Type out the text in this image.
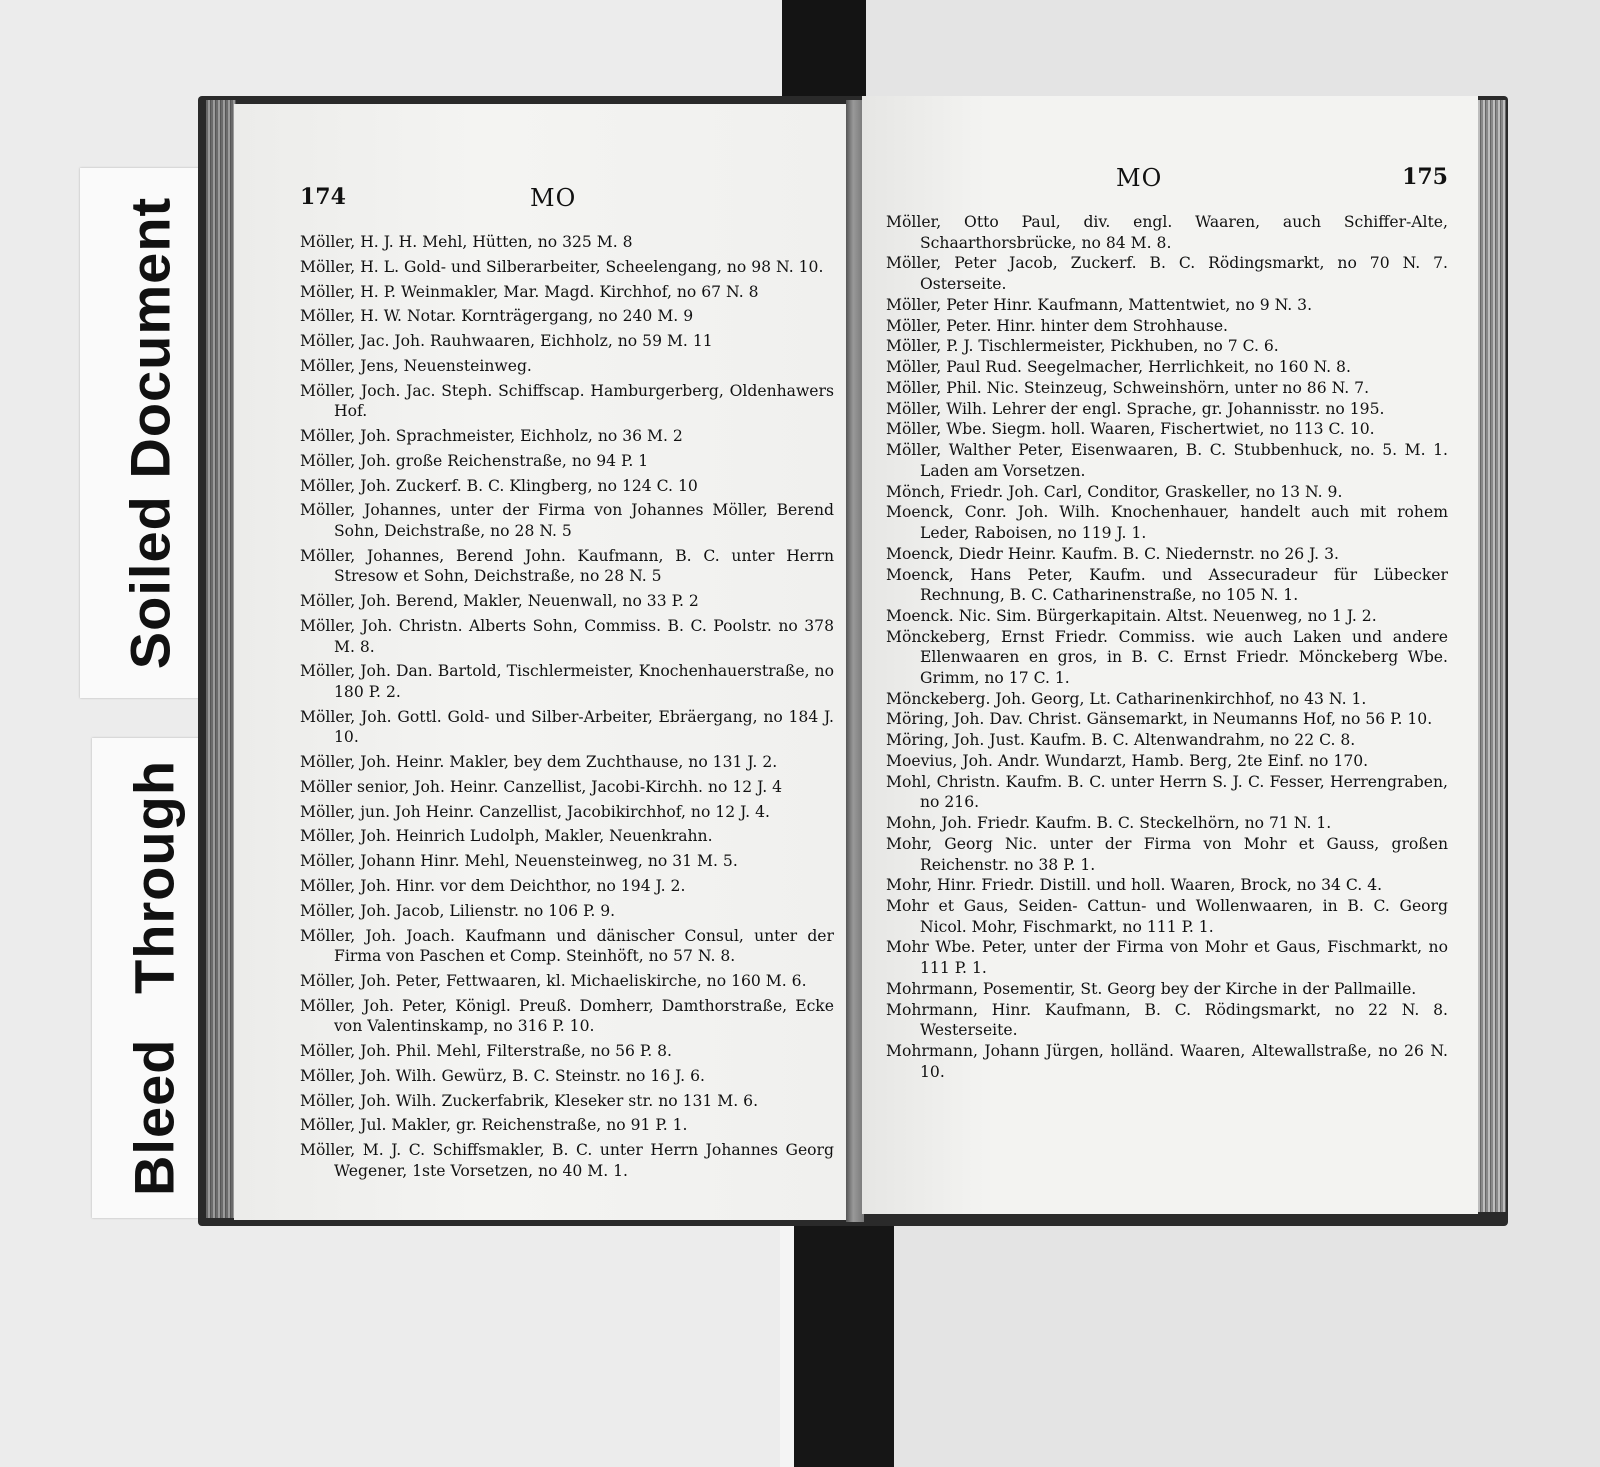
Soiled Document
Bleed Through
174	MO

Möller, H. J. H. Mehl, Hütten, no 325 M. 8

Möller, H. L. Gold- und Silberarbeiter, Scheelengang, no 98 N. 10.

Möller, H. P. Weinmakler, Mar. Magd. Kirchhof, no 67 N. 8

Möller, H. W. Notar. Kornträgergang, no 240 M. 9

Möller, Jac. Joh. Rauhwaaren, Eichholz, no 59 M. 11

Möller, Jens, Neuensteinweg.

Möller, Joch. Jac. Steph. Schiffscap. Hamburgerberg, Oldenhawers Hof.

Möller, Joh. Sprachmeister, Eichholz, no 36 M. 2

Möller, Joh. große Reichenstraße, no 94 P. 1

Möller, Joh. Zuckerf. B. C. Klingberg, no 124 C. 10

Möller, Johannes, unter der Firma von Johannes Möller, Berend Sohn, Deichstraße, no 28 N. 5

Möller, Johannes, Berend John. Kaufmann, B. C. unter Herrn Stresow et Sohn, Deichstraße, no 28 N. 5

Möller, Joh. Berend, Makler, Neuenwall, no 33 P. 2

Möller, Joh. Christn. Alberts Sohn, Commiss. B. C. Poolstr. no 378 M. 8.

Möller, Joh. Dan. Bartold, Tischlermeister, Knochenhauerstraße, no 180 P. 2.

Möller, Joh. Gottl. Gold- und Silber-Arbeiter, Ebräergang, no 184 J. 10.

Möller, Joh. Heinr. Makler, bey dem Zuchthause, no 131 J. 2.

Möller senior, Joh. Heinr. Canzellist, Jacobi-Kirchh. no 12 J. 4

Möller, jun. Joh Heinr. Canzellist, Jacobikirchhof, no 12 J. 4.

Möller, Joh. Heinrich Ludolph, Makler, Neuenkrahn.

Möller, Johann Hinr. Mehl, Neuensteinweg, no 31 M. 5.

Möller, Joh. Hinr. vor dem Deichthor, no 194 J. 2.

Möller, Joh. Jacob, Lilienstr. no 106 P. 9.

Möller, Joh. Joach. Kaufmann und dänischer Consul, unter der Firma von Paschen et Comp. Steinhöft, no 57 N. 8.

Möller, Joh. Peter, Fettwaaren, kl. Michaeliskirche, no 160 M. 6.

Möller, Joh. Peter, Königl. Preuß. Domherr, Damthorstraße, Ecke von Valentinskamp, no 316 P. 10.

Möller, Joh. Phil. Mehl, Filterstraße, no 56 P. 8.

Möller, Joh. Wilh. Gewürz, B. C. Steinstr. no 16 J. 6.

Möller, Joh. Wilh. Zuckerfabrik, Kleseker str. no 131 M. 6.

Möller, Jul. Makler, gr. Reichenstraße, no 91 P. 1.

Möller, M. J. C. Schiffsmakler, B. C. unter Herrn Johannes Georg Wegener, 1ste Vorsetzen, no 40 M. 1.

MO	175

Möller, Otto Paul, div. engl. Waaren, auch Schiffer-Alte, Schaarthorsbrücke, no 84 M. 8.

Möller, Peter Jacob, Zuckerf. B. C. Rödingsmarkt, no 70 N. 7. Osterseite.

Möller, Peter Hinr. Kaufmann, Mattentwiet, no 9 N. 3.

Möller, Peter. Hinr. hinter dem Strohhause.

Möller, P. J. Tischlermeister, Pickhuben, no 7 C. 6.

Möller, Paul Rud. Seegelmacher, Herrlichkeit, no 160 N. 8.

Möller, Phil. Nic. Steinzeug, Schweinshörn, unter no 86 N. 7.

Möller, Wilh. Lehrer der engl. Sprache, gr. Johannisstr. no 195.

Möller, Wbe. Siegm. holl. Waaren, Fischertwiet, no 113 C. 10.

Möller, Walther Peter, Eisenwaaren, B. C. Stubbenhuck, no. 5. M. 1. Laden am Vorsetzen.

Mönch, Friedr. Joh. Carl, Conditor, Graskeller, no 13 N. 9.

Moenck, Conr. Joh. Wilh. Knochenhauer, handelt auch mit rohem Leder, Raboisen, no 119 J. 1.

Moenck, Diedr Heinr. Kaufm. B. C. Niedernstr. no 26 J. 3.

Moenck, Hans Peter, Kaufm. und Assecuradeur für Lübecker Rechnung, B. C. Catharinenstraße, no 105 N. 1.

Moenck. Nic. Sim. Bürgerkapitain. Altst. Neuenweg, no 1 J. 2.

Mönckeberg, Ernst Friedr. Commiss. wie auch Laken und andere Ellenwaaren en gros, in B. C. Ernst Friedr. Mönckeberg Wbe. Grimm, no 17 C. 1.

Mönckeberg. Joh. Georg, Lt. Catharinenkirchhof, no 43 N. 1.

Möring, Joh. Dav. Christ. Gänsemarkt, in Neumanns Hof, no 56 P. 10.

Möring, Joh. Just. Kaufm. B. C. Altenwandrahm, no 22 C. 8.

Moevius, Joh. Andr. Wundarzt, Hamb. Berg, 2te Einf. no 170.

Mohl, Christn. Kaufm. B. C. unter Herrn S. J. C. Fesser, Herrengraben, no 216.

Mohn, Joh. Friedr. Kaufm. B. C. Steckelhörn, no 71 N. 1.

Mohr, Georg Nic. unter der Firma von Mohr et Gauss, großen Reichenstr. no 38 P. 1.

Mohr, Hinr. Friedr. Distill. und holl. Waaren, Brock, no 34 C. 4.

Mohr et Gaus, Seiden- Cattun- und Wollenwaaren, in B. C. Georg Nicol. Mohr, Fischmarkt, no 111 P. 1.

Mohr Wbe. Peter, unter der Firma von Mohr et Gaus, Fischmarkt, no 111 P. 1.

Mohrmann, Posementir, St. Georg bey der Kirche in der Pallmaille.

Mohrmann, Hinr. Kaufmann, B. C. Rödingsmarkt, no 22 N. 8. Westerseite.

Mohrmann, Johann Jürgen, holländ. Waaren, Altewallstraße, no 26 N. 10.
